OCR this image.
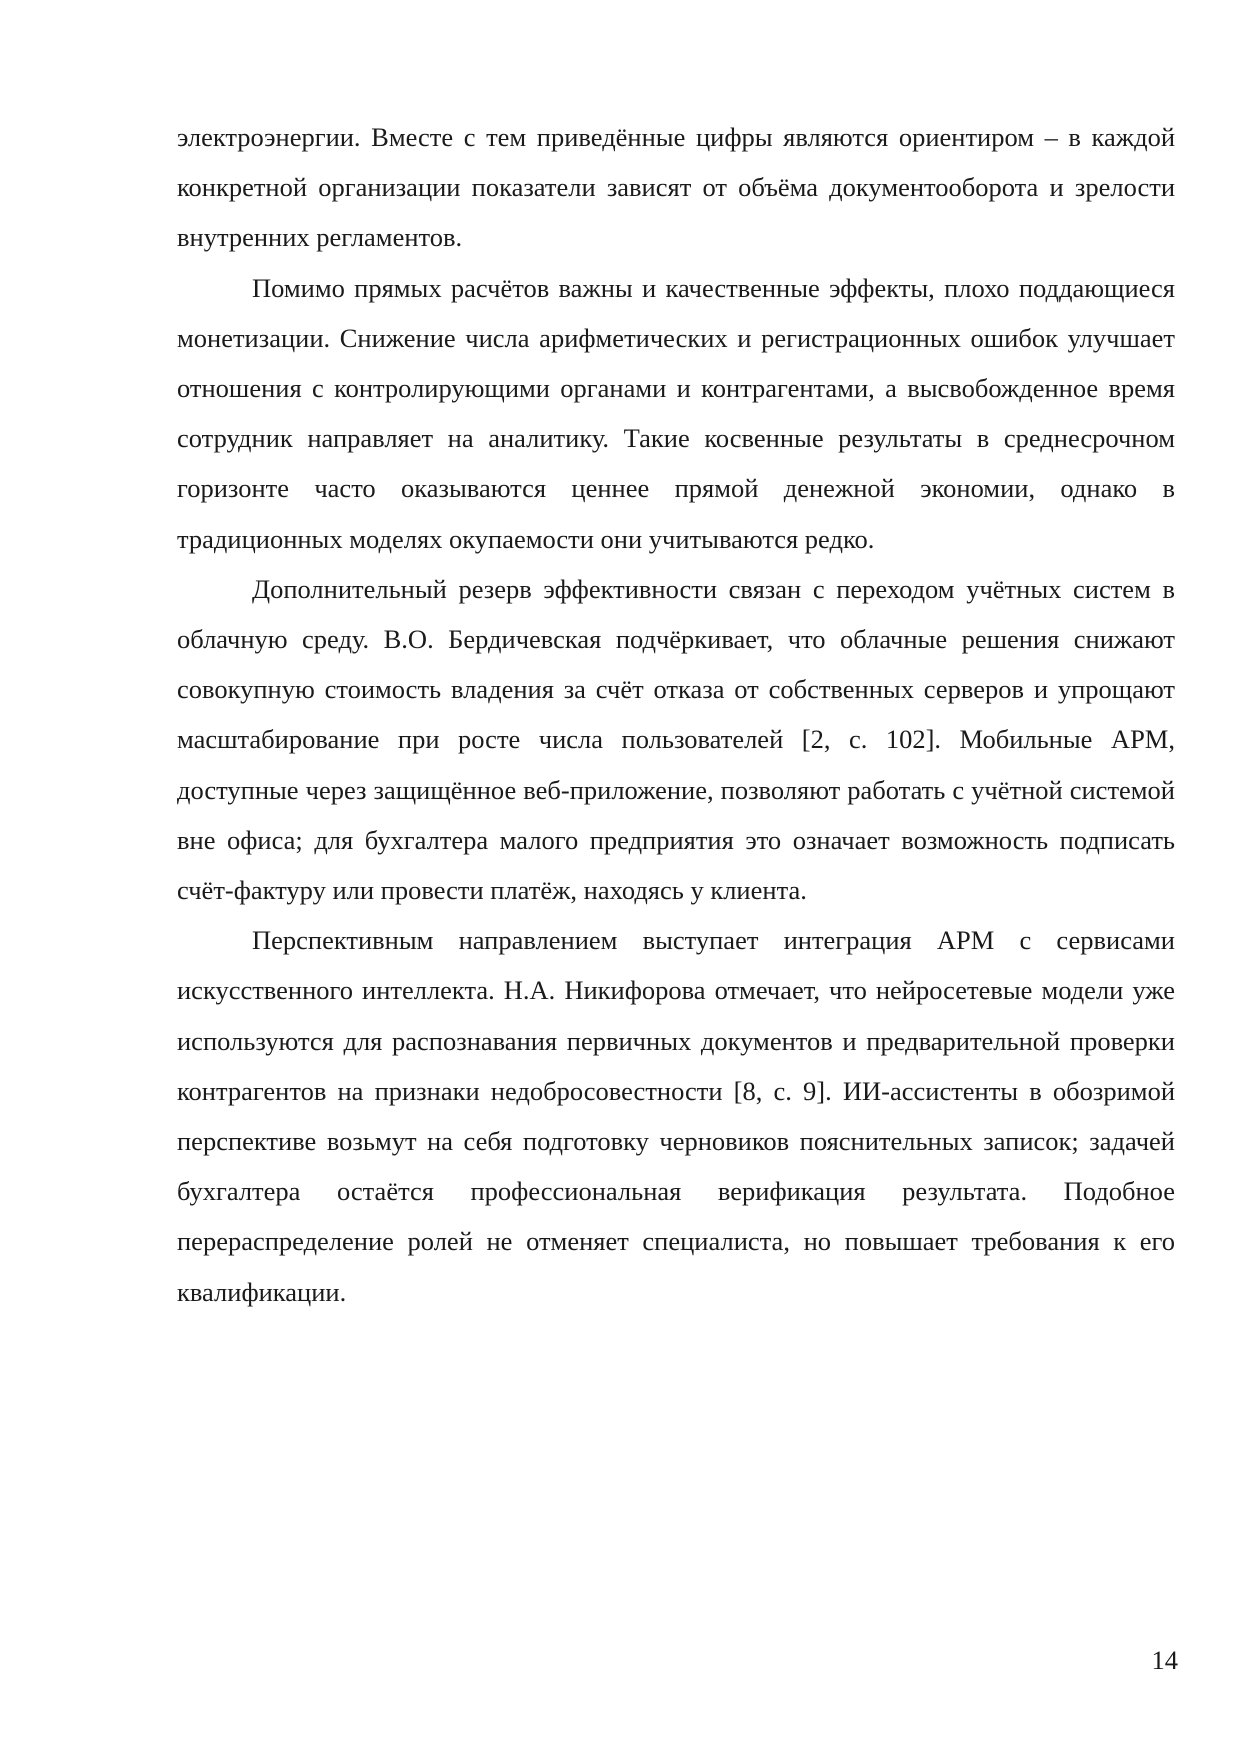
электроэнергии. Вместе с тем приведённые цифры являются ориентиром – в каждой конкретной организации показатели зависят от объёма документооборота и зрелости внутренних регламентов.

Помимо прямых расчётов важны и качественные эффекты, плохо поддающиеся монетизации. Снижение числа арифметических и регистрационных ошибок улучшает отношения с контролирующими органами и контрагентами, а высвобожденное время сотрудник направляет на аналитику. Такие косвенные результаты в среднесрочном горизонте часто оказываются ценнее прямой денежной экономии, однако в традиционных моделях окупаемости они учитываются редко.

Дополнительный резерв эффективности связан с переходом учётных систем в облачную среду. В.О. Бердичевская подчёркивает, что облачные решения снижают совокупную стоимость владения за счёт отказа от собственных серверов и упрощают масштабирование при росте числа пользователей [2, с. 102]. Мобильные АРМ, доступные через защищённое веб-приложение, позволяют работать с учётной системой вне офиса; для бухгалтера малого предприятия это означает возможность подписать счёт-фактуру или провести платёж, находясь у клиента.

Перспективным направлением выступает интеграция АРМ с сервисами искусственного интеллекта. Н.А. Никифорова отмечает, что нейросетевые модели уже используются для распознавания первичных документов и предварительной проверки контрагентов на признаки недобросовестности [8, с. 9]. ИИ-ассистенты в обозримой перспективе возьмут на себя подготовку черновиков пояснительных записок; задачей бухгалтера остаётся профессиональная верификация результата. Подобное перераспределение ролей не отменяет специалиста, но повышает требования к его квалификации.

14
